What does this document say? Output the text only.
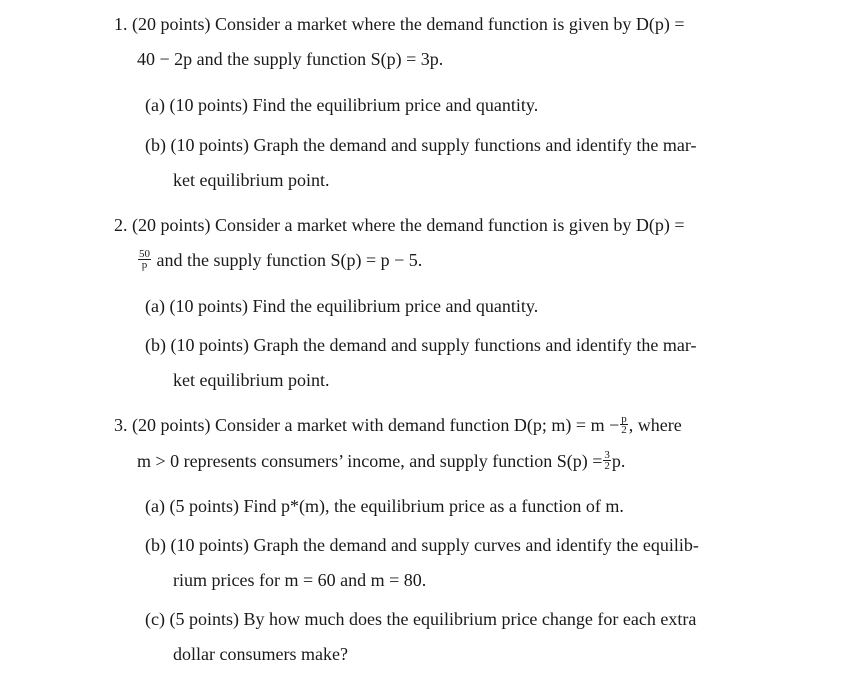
1. (20 points) Consider a market where the demand function is given by D(p) =
40 − 2p and the supply function S(p) = 3p.
(a) (10 points) Find the equilibrium price and quantity.
(b) (10 points) Graph the demand and supply functions and identify the mar-
ket equilibrium point.
2. (20 points) Consider a market where the demand function is given by D(p) =
$\frac{50}{p}$ and the supply function S(p) = p − 5.
(a) (10 points) Find the equilibrium price and quantity.
(b) (10 points) Graph the demand and supply functions and identify the mar-
ket equilibrium point.
3. (20 points) Consider a market with demand function D(p; $m) = m - \frac{p}{2}$ , where
m > 0 represents consumers’ income, and supply function $S(p) = \frac{3}{2} p$.
(a) (5 points) Find p*(m), the equilibrium price as a function of m.
(b) (10 points) Graph the demand and supply curves and identify the equilib-
rium prices for m = 60 and m = 80.
(c) (5 points) By how much does the equilibrium price change for each extra
dollar consumers make?
